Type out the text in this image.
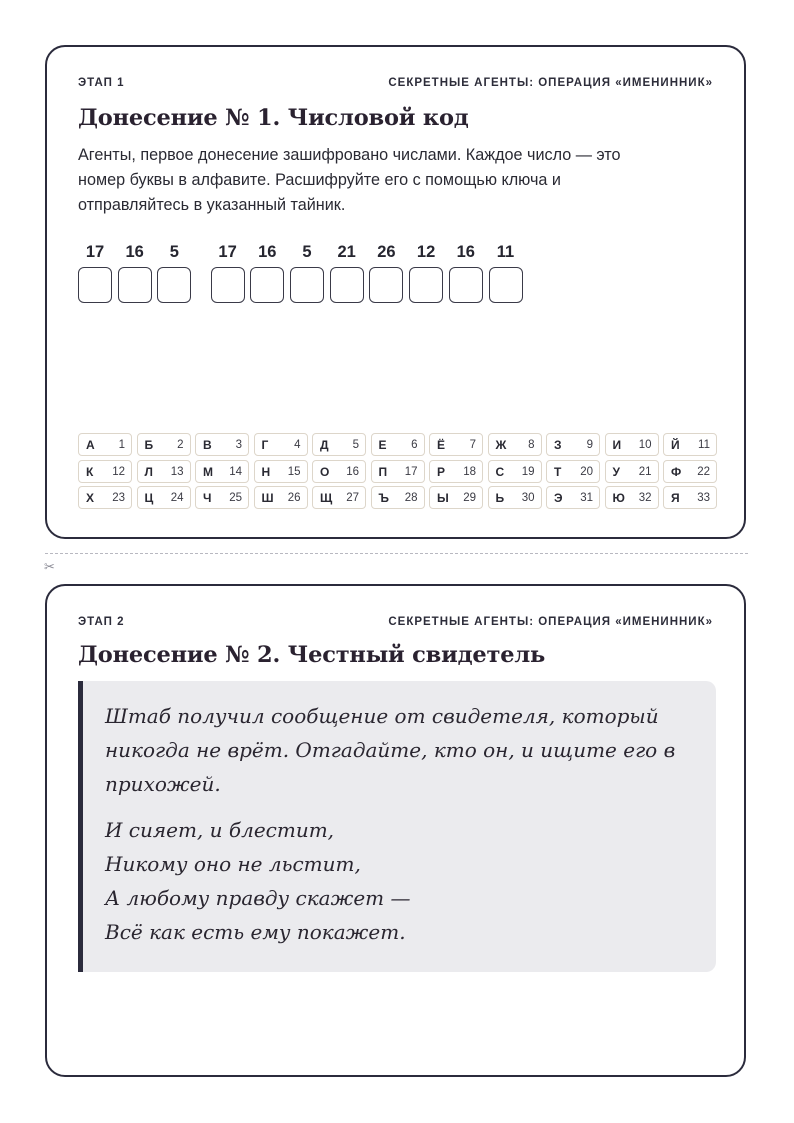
ЭТАП 1	СЕКРЕТНЫЕ АГЕНТЫ: ОПЕРАЦИЯ «ИМЕНИННИК»
Донесение № 1. Числовой код
Агенты, первое донесение зашифровано числами. Каждое число — это
номер буквы в алфавите. Расшифруйте его с помощью ключа и
отправляйтесь в указанный тайник.
17	16	5	17	16	5	21	26	12	16	11
А 1 Б 2 В 3 Г 4 Д 5 Е 6 Ё 7 Ж 8 З 9 И 10 Й 11
К 12 Л 13 М 14 Н 15 О 16 П 17 Р 18 С 19 Т 20 У 21 Ф 22
Х 23 Ц 24 Ч 25 Ш 26 Щ 27 Ъ 28 Ы 29 Ь 30 Э 31 Ю 32 Я 33
✂
ЭТАП 2	СЕКРЕТНЫЕ АГЕНТЫ: ОПЕРАЦИЯ «ИМЕНИННИК»
Донесение № 2. Честный свидетель

Штаб получил сообщение от свидетеля, который
никогда не врёт. Отгадайте, кто он, и ищите его в
прихожей.

И сияет, и блестит,
Никому оно не льстит,
А любому правду скажет —
Всё как есть ему покажет.
